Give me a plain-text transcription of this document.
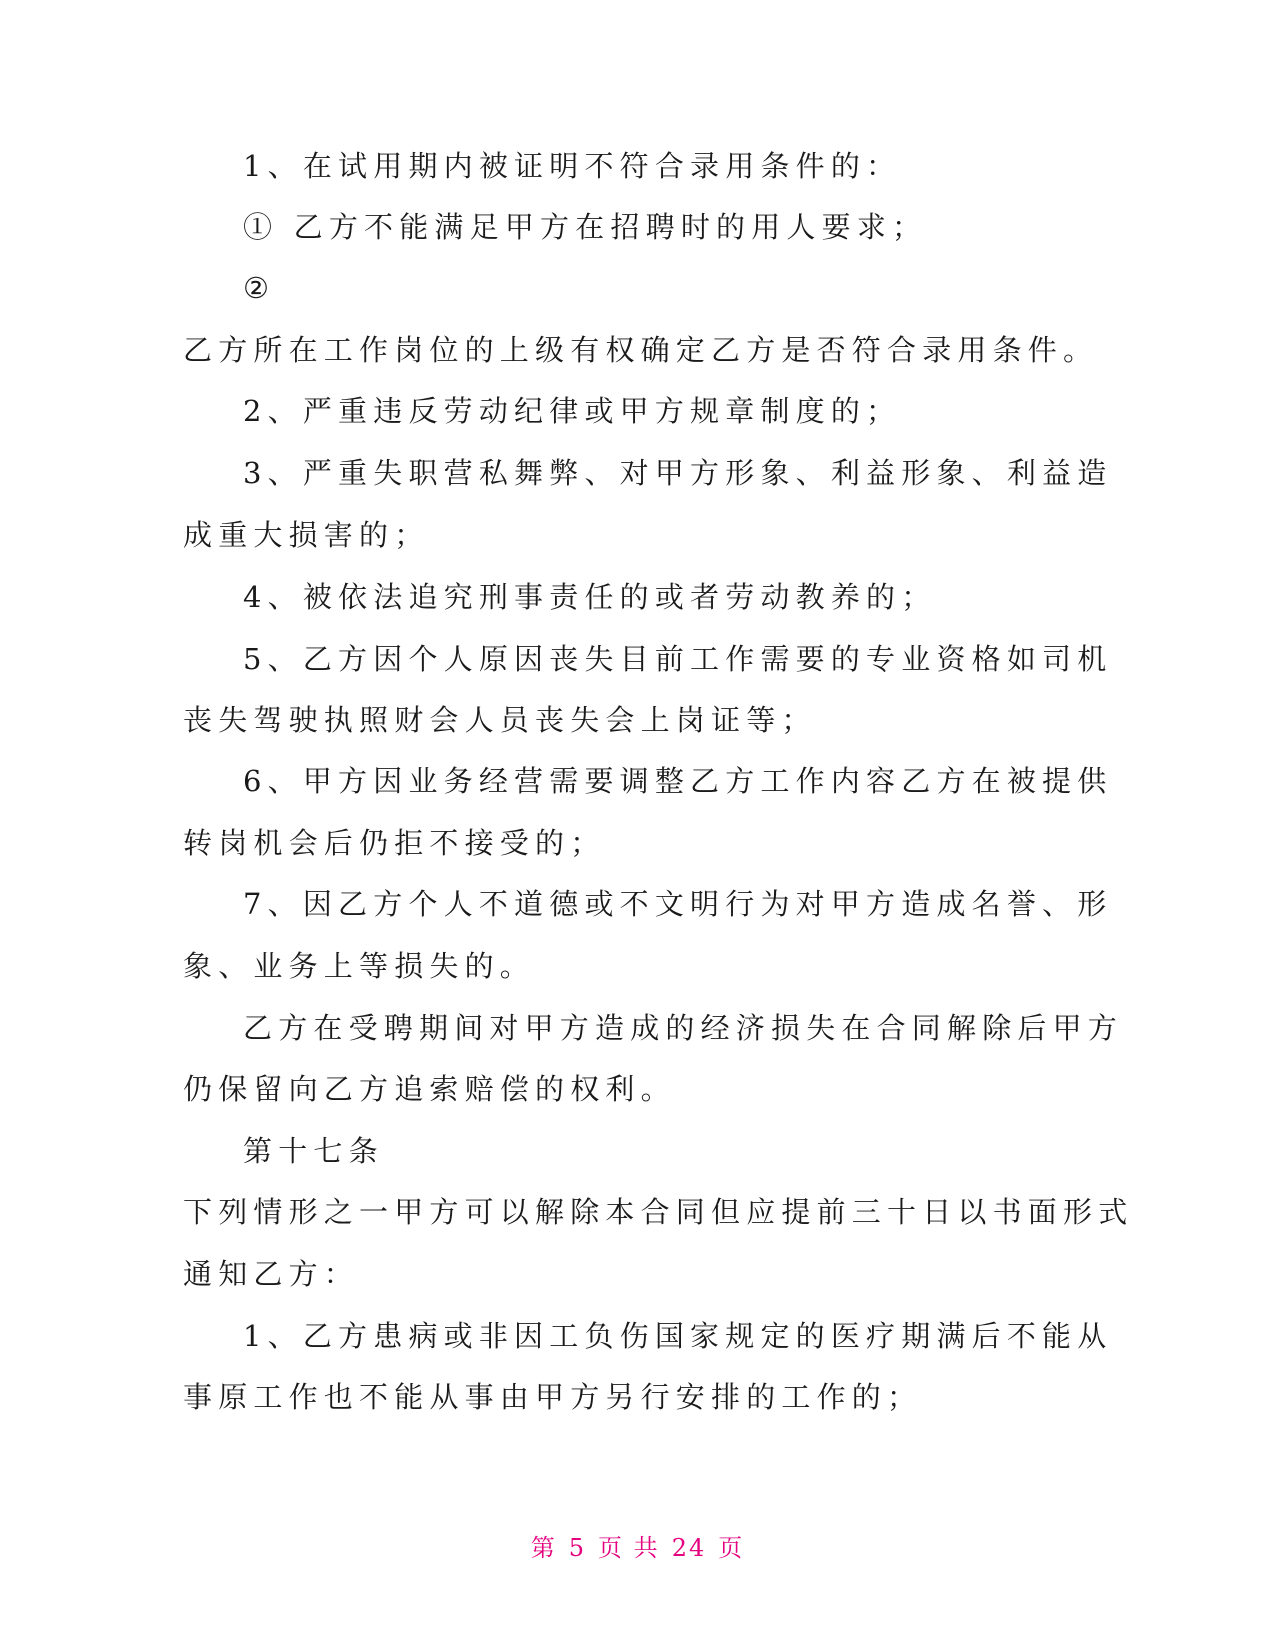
1、在试用期内被证明不符合录用条件的：
① 乙方不能满足甲方在招聘时的用人要求；
②
乙方所在工作岗位的上级有权确定乙方是否符合录用条件。
2、严重违反劳动纪律或甲方规章制度的；
3、严重失职营私舞弊、对甲方形象、利益形象、利益造
成重大损害的；
4、被依法追究刑事责任的或者劳动教养的；
5、乙方因个人原因丧失目前工作需要的专业资格如司机
丧失驾驶执照财会人员丧失会上岗证等；
6、甲方因业务经营需要调整乙方工作内容乙方在被提供
转岗机会后仍拒不接受的；
7、因乙方个人不道德或不文明行为对甲方造成名誉、形
象、业务上等损失的。
乙方在受聘期间对甲方造成的经济损失在合同解除后甲方
仍保留向乙方追索赔偿的权利。
第十七条
下列情形之一甲方可以解除本合同但应提前三十日以书面形式
通知乙方：
1、乙方患病或非因工负伤国家规定的医疗期满后不能从
事原工作也不能从事由甲方另行安排的工作的；
第 5 页 共 24 页
